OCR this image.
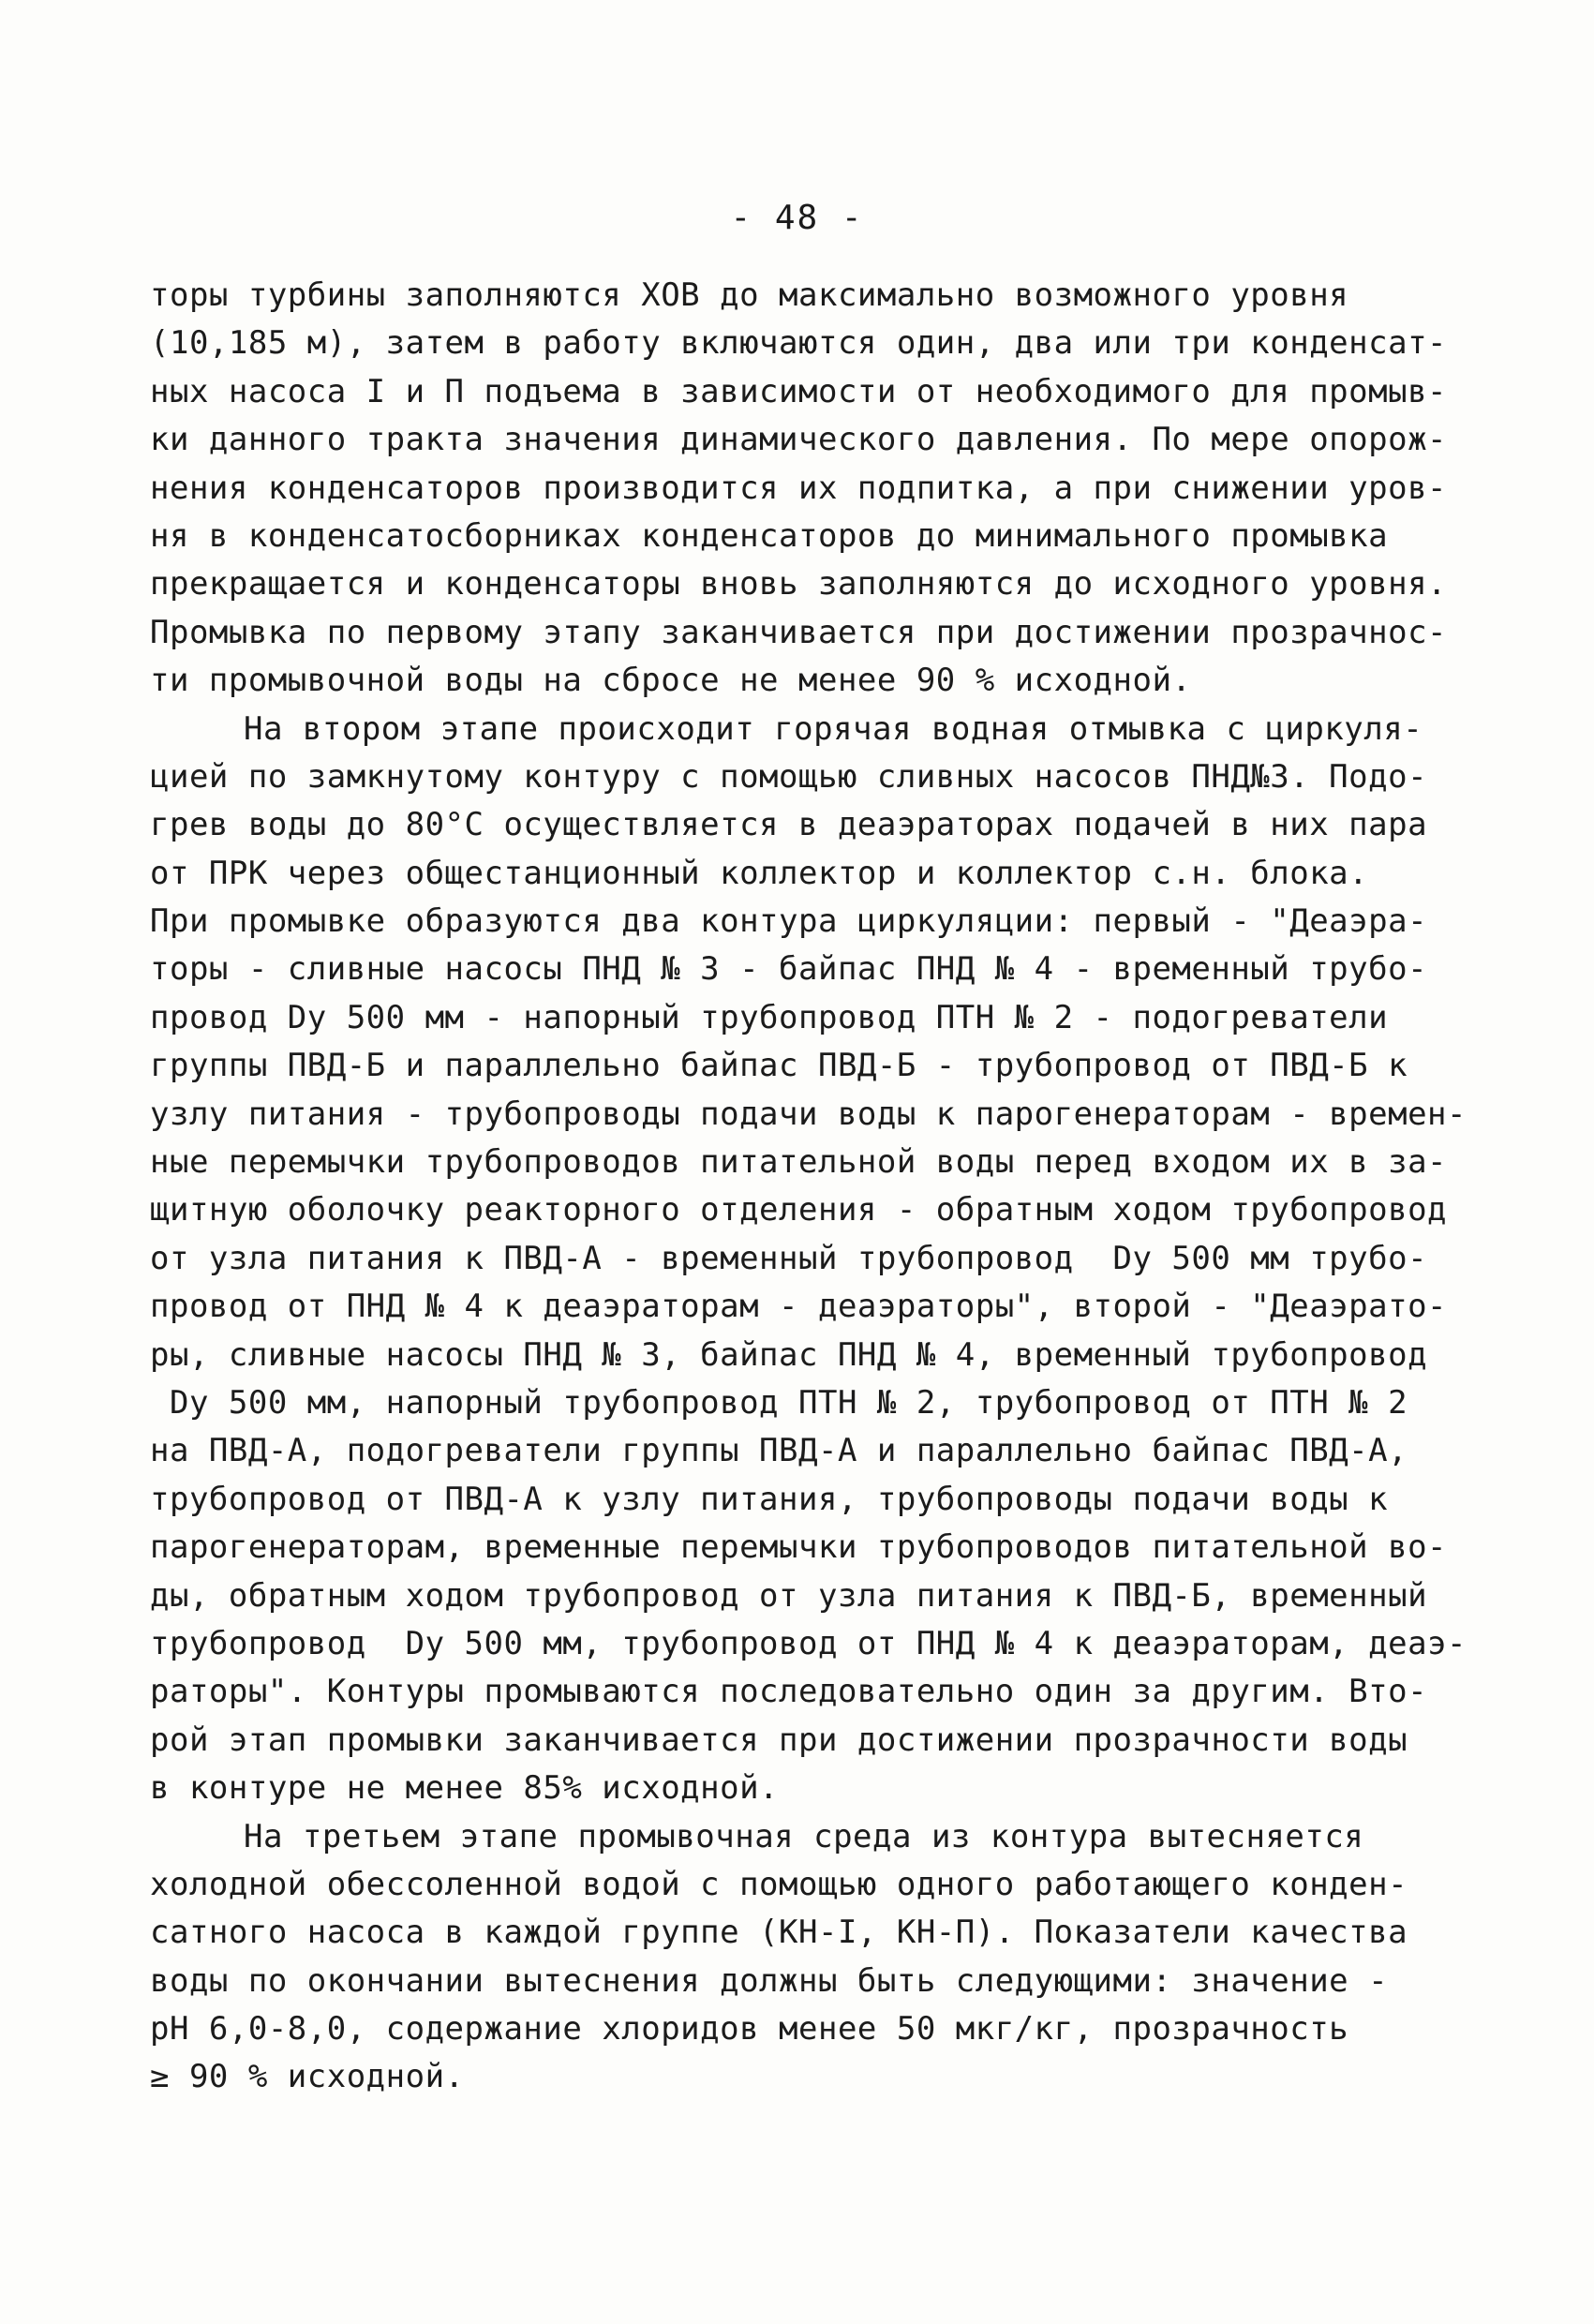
- 48 -
торы турбины заполняются ХОВ до максимально возможного уровня
(10,185 м), затем в работу включаются один, два или три конденсат-
ных насоса I и П подъема в зависимости от необходимого для промыв-
ки данного тракта значения динамического давления. По мере опорож-
нения конденсаторов производится их подпитка, а при снижении уров-
ня в конденсатосборниках конденсаторов до минимального промывка
прекращается и конденсаторы вновь заполняются до исходного уровня.
Промывка по первому этапу заканчивается при достижении прозрачнос-
ти промывочной воды на сбросе не менее 90 % исходной.
На втором этапе происходит горячая водная отмывка с циркуля-
цией по замкнутому контуру с помощью сливных насосов ПНД№3. Подо-
грев воды до 80°С осуществляется в деаэраторах подачей в них пара
от ПРК через общестанционный коллектор и коллектор с.н. блока.
При промывке образуются два контура циркуляции: первый - "Деаэра-
торы - сливные насосы ПНД № 3 - байпас ПНД № 4 - временный трубо-
провод Dy 500 мм - напорный трубопровод ПТН № 2 - подогреватели
группы ПВД-Б и параллельно байпас ПВД-Б - трубопровод от ПВД-Б к
узлу питания - трубопроводы подачи воды к парогенераторам - времен-
ные перемычки трубопроводов питательной воды перед входом их в за-
щитную оболочку реакторного отделения - обратным ходом трубопровод
от узла питания к ПВД-А - временный трубопровод  Dy 500 мм трубо-
провод от ПНД № 4 к деаэраторам - деаэраторы", второй - "Деаэрато-
ры, сливные насосы ПНД № 3, байпас ПНД № 4, временный трубопровод
Dy 500 мм, напорный трубопровод ПТН № 2, трубопровод от ПТН № 2
на ПВД-А, подогреватели группы ПВД-А и параллельно байпас ПВД-А,
трубопровод от ПВД-А к узлу питания, трубопроводы подачи воды к
парогенераторам, временные перемычки трубопроводов питательной во-
ды, обратным ходом трубопровод от узла питания к ПВД-Б, временный
трубопровод  Dy 500 мм, трубопровод от ПНД № 4 к деаэраторам, деаэ-
раторы". Контуры промываются последовательно один за другим. Вто-
рой этап промывки заканчивается при достижении прозрачности воды
в контуре не менее 85% исходной.
На третьем этапе промывочная среда из контура вытесняется
холодной обессоленной водой с помощью одного работающего конден-
сатного насоса в каждой группе (КН-I, КН-П). Показатели качества
воды по окончании вытеснения должны быть следующими: значение -
рН 6,0-8,0, содержание хлоридов менее 50 мкг/кг, прозрачность
≥ 90 % исходной.
